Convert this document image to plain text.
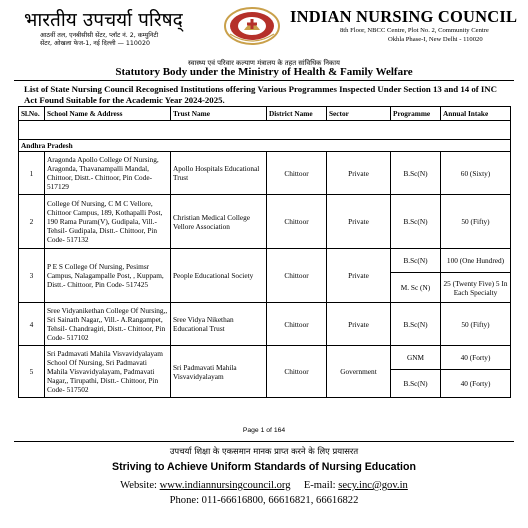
भारतीय उपचर्या परिषद्
आठवीं तल, एनबीसीसी सेंटर, प्लॉट नं. 2, कम्युनिटी
सेंटर, ओखला फेज-1, नई दिल्ली — 110020
INDIAN NURSING COUNCIL
8th Floor, NBCC Centre, Plot No. 2, Community Centre
Okhla Phase-I, New Delhi - 110020
स्वास्थ्य एवं परिवार कल्याण मंत्रालय के तहत सांविधिक निकाय
Statutory Body under the Ministry of Health & Family Welfare
List of State Nursing Council Recognised Institutions offering Various Programmes Inspected Under Section 13 and 14 of INC Act Found Suitable for the Academic Year 2024-2025.
Sl.No.	School Name & Address	Trust Name	District Name	Sector	Programme	Annual Intake

Andhra Pradesh						
1	Aragonda Apollo College Of Nursing, Aragonda, Thavanampalli Mandal, Chittoor, Distt.- Chittoor, Pin Code- 517129	Apollo Hospitals Educational Trust	Chittoor	Private	B.Sc(N)	60 (Sixty)
2	College Of Nursing, C M C Vellore, Chittoor Campus, 189, Kothapalli Post, 190 Rama Puram(V), Gudipala, Vill.- Tehsil- Gudipala, Distt.- Chittoor, Pin Code- 517132	Christian Medical College Vellore Association	Chittoor	Private	B.Sc(N)	50 (Fifty)
3	P E S College Of Nursing, Pesimsr Campus, Nalagampalle Post, , Kuppam, Distt.- Chittoor, Pin Code- 517425	People Educational Society	Chittoor	Private	B.Sc(N)	100 (One Hundred)
					M. Sc (N)	25 (Twenty Five) 5 In Each Specialty
4	Sree Vidyanikethan College Of Nursing,, Sri Sainath Nagar,, Vill.- A.Rangampet, Tehsil- Chandragiri, Distt.- Chittoor, Pin Code- 517102	Sree Vidya Nikethan Educational Trust	Chittoor	Private	B.Sc(N)	50 (Fifty)
5	Sri Padmavati Mahila Visvavidyalayam School Of Nursing, Sri Padmavati Mahila Visvavidyalayam, Padmavati Nagar,, Tirupathi, Distt.- Chittoor, Pin Code- 517502	Sri Padmavati Mahila Visvavidyalayam	Chittoor	Government	GNM	40 (Forty)
					B.Sc(N)	40 (Forty)
Page 1 of 164
उपचर्या शिक्षा के एकसमान मानक प्राप्त करने के लिए प्रयासरत
Striving to Achieve Uniform Standards of Nursing Education
Website: www.indiannursingcouncil.org E-mail: secy.inc@gov.in
Phone: 011-66616800, 66616821, 66616822
